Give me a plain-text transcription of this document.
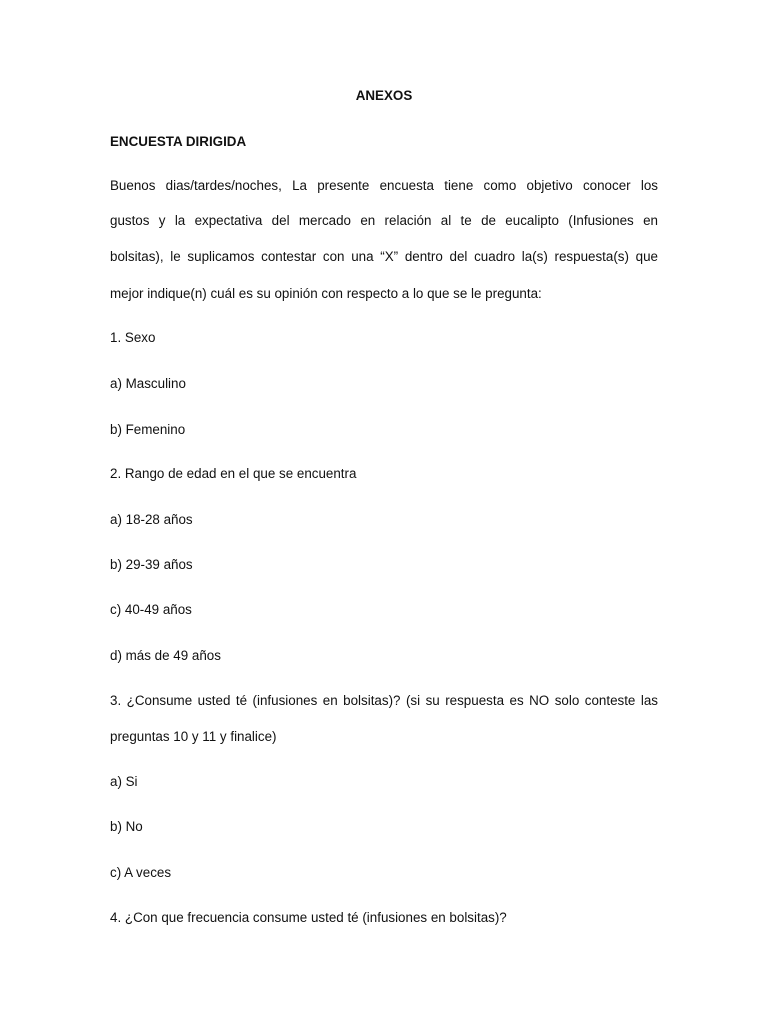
ANEXOS

ENCUESTA DIRIGIDA

Buenos dias/tardes/noches, La presente encuesta tiene como objetivo conocer los

gustos y la expectativa del mercado en relación al te de eucalipto (Infusiones en

bolsitas), le suplicamos contestar con una “X” dentro del cuadro la(s) respuesta(s) que

mejor indique(n) cuál es su opinión con respecto a lo que se le pregunta:

1. Sexo

a) Masculino

b) Femenino

2. Rango de edad en el que se encuentra

a) 18-28 años

b) 29-39 años

c) 40-49 años

d) más de 49 años

3. ¿Consume usted té (infusiones en bolsitas)? (si su respuesta es NO solo conteste las

preguntas 10 y 11 y finalice)

a) Si

b) No

c) A veces

4. ¿Con que frecuencia consume usted té (infusiones en bolsitas)?
